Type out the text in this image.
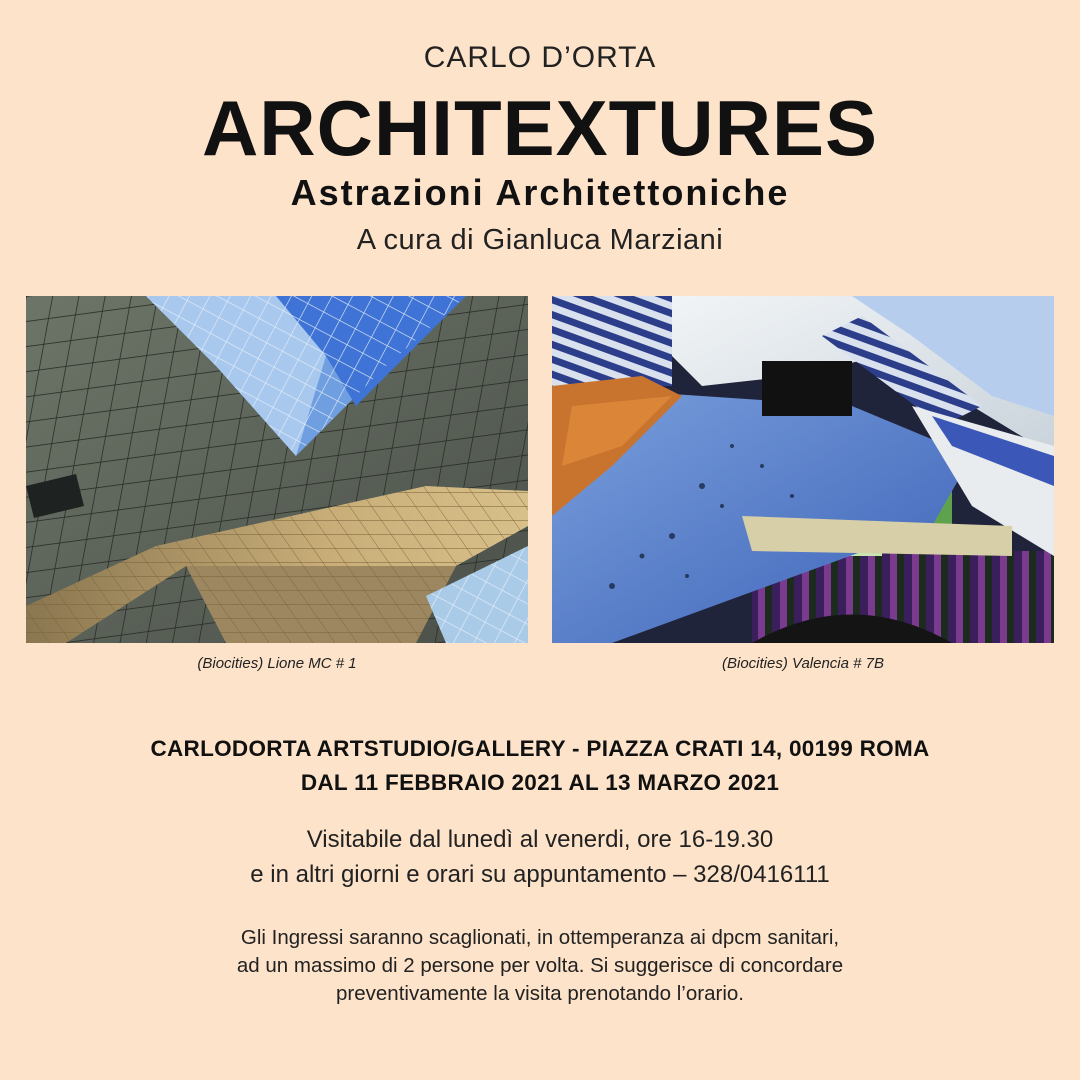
CARLO D’ORTA
ARCHITEXTURES
Astrazioni Architettoniche
A cura di Gianluca Marziani
(Biocities) Lione MC # 1	(Biocities) Valencia # 7B
CARLODORTA ARTSTUDIO/GALLERY - PIAZZA CRATI 14, 00199 ROMA
DAL 11 FEBBRAIO 2021 AL 13 MARZO 2021
Visitabile dal lunedì al venerdi, ore 16-19.30
e in altri giorni e orari su appuntamento – 328/0416111
Gli Ingressi saranno scaglionati, in ottemperanza ai dpcm sanitari,
ad un massimo di 2 persone per volta. Si suggerisce di concordare
preventivamente la visita prenotando l’orario.
